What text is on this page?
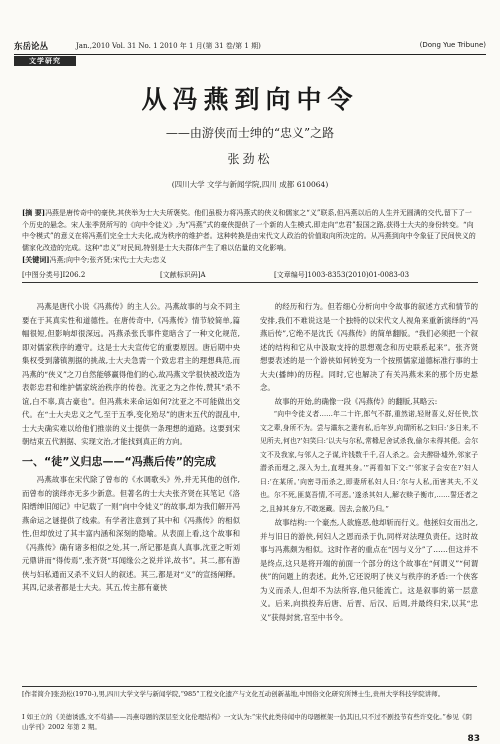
东岳论丛	Jan.,2010 Vol. 31 No. 1 2010 年 1 月(第 31 卷/第 1 期)	(Dong Yue Tribune)
文学研究
从冯燕到向中令
——由游侠而士绅的“忠义”之路
张劲松
(四川大学 文学与新闻学院,四川 成都 610064)

[摘 要]冯燕是唐传奇中的豪侠,其侠举为士大夫所褒奖。他们虽极力将冯燕式的侠义和儒家之“义”联系,但冯燕以后的人生并无圆满的交代,留下了一个历史的悬念。宋人张季贤所写的《向中令徒义》,为“冯燕”式的豪侠提供了一个新的人生模式,即走向“忠君”报国之路,获得士大夫的身份转变。“向中令模式”的意义在将冯燕们完全士大夫化,成为秩序的维护者。这种转换是由宋代文人政治的价值取向所决定的。从冯燕到向中令象征了民间侠义的儒家化改造的完成。这种“忠义”对民间,特别是士大夫群体产生了难以估量的文化影响。

[关键词]冯燕;向中令;张齐贤;宋代;士大夫;忠义

[中图分类号]I206.2	[文献标识码]A	[文章编号]1003-8353(2010)01-0083-03

冯燕是唐代小说《冯燕传》的主人公。冯燕故事的与众不同主要在于其真实性和道德性。在唐传奇中,《冯燕传》情节较简单,篇幅很短,但影响却很深远。冯燕杀张氏事件竟暗含了一种文化规范,即对儒家秩序的遵守。这是士大夫宣传它的重要原因。唐后期中央集权受到藩镇割据的挑战,士大夫急需一个致忠君主的理想典范,而冯燕的“侠义”之刀自然能够赢得他们的心,故冯燕文学很快被改造为表彰忠君和维护儒家统治秩序的传卷。沈亚之为之作传,赞其“杀不谊,白不辜,真古豪也”。但冯燕未来命运如何?沈亚之不可能做出交代。在“士大夫忠义之气,至于五季,变化殆尽”的唐末五代的混乱中,士大夫确实难以给他们推崇的义士提供一条理想的道路。这要到宋朝结束五代割据、实现文治,才能找到真正的方向。

一、“徒”义归忠——“冯燕后传”的完成

冯燕故事在宋代除了曾布的《水调歌头》外,并无其他的创作,而曾布的演绎亦无多少新意。但著名的士大夫张齐贤在其笔记《洛阳缙绅旧闻记》中记载了一则“向中令徒义”的故事,却为我们解开冯燕命运之谜提供了线索。有学者注意到了其中和《冯燕传》的相似性,但却放过了其丰富内涵和深刻的隐喻。从表面上看,这个故事和《冯燕传》确有诸多相似之处,其一,所记都是真人真事,沈亚之听刘元鼎讲而“得传焉”,张齐贤“耳闻缘公之说并详,故书”。其二,都有游侠与妇私通而又杀不义妇人的叙述。其三,都是对“义”的宣扬阐释。其四,记录者都是士大夫。其五,传主都有豪侠

的经历和行为。但若细心分析向中令故事的叙述方式和情节的安排,我们不难说这是一个独特的以宋代文人视角来重新演绎的“冯燕后传”,它绝不是沈氏《冯燕传》的简单翻版。“我们必须把一个叙述的结构和它从中汲取支持的思想观念和历史联系起来”。张齐贤想要表述的是一个游侠如何转变为一个按照儒家道德标准行事的士大夫(播绅)的历程。同时,它也解决了有关冯燕未来的那个历史悬念。

故事的开始,的确像一段《冯燕传》的翻版,其略云:

“向中令徒义者……年二十许,郎气不群,重然诺,轻财喜义,好任侠,饮文之辈,身所不为。尝与灞东之妻有私,后年岁,向谓所私之妇曰:‘多日来,不见所夫,何也?’妇笑曰:‘以夫与尔私,常橼尼舍试杀我,偷尔未得其便。会尔文不及我家,与邻人之子谋,许钱数千千,召人杀之。会夫醉卧墟外,邻家子潜杀而埋之,深入为土,直埋其身。’”再看如下文:“‘邻家子会安在?’妇人曰:‘在某所。’向密寻而杀之,即妻所私妇人曰:‘尔与人私,而害其夫,不义也。尔不死,匪莫吾情,不可恶。’遂杀其妇人,解衣赎子衡市,……誓还者之之,且掉其身方,不敢迷藏。因去,会赦乃归。”

故事结构:一个豪杰,人欲施恶,他却斩而行义。他拯妇女而出之,并与旧日的游侠,何妇人之恩而杀于仇,同样对法理负责任。这时故事与冯燕颇为相似。这时作者的重点在“因与义分”了……但这并不是终点,这只是将开端的前面一个部分的这个故事在“何谓义”“何谓侠”的问题上的表述。此外,它还说明了侠义与秩序的矛盾:一个侠客为义而杀人,但却不为法所容,他只能流亡。这是叙事的第一层意义。后来,向拱投奔后唐、后晋、后汉、后周,并最终归宋,以其“忠义”获得封赏,官至中书令。

[作者简介]张劲松(1970-),男,四川大学文学与新闻学院,“985”工程文化遗产与文化互动创新基地,中国俗文化研究所博士生,贵州大学科技学院讲师。
Ⅰ 如王立的《美德诱惑,文不苟措——冯燕母题的深层至文化伦理结构》一文认为:“宋代此类侍闻中的母题框架一仍其旧,只不过不剧投节有些许变化。”参见《阴山学刊》2002 年第 2 期。
83
